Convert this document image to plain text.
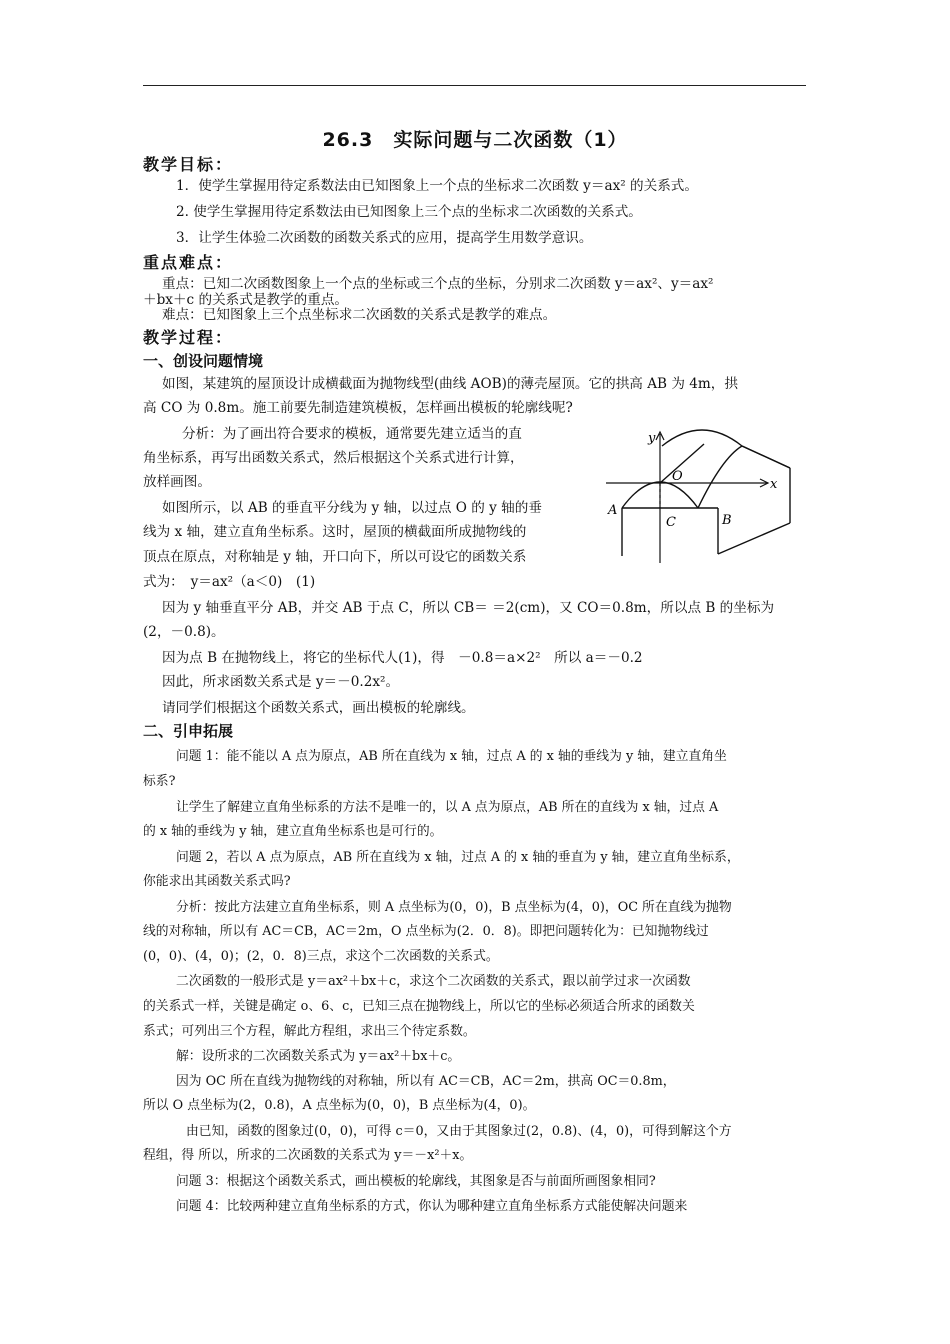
26.3　实际问题与二次函数（1）
教学目标：
1．使学生掌握用待定系数法由已知图象上一个点的坐标求二次函数 y＝ax² 的关系式。
2. 使学生掌握用待定系数法由已知图象上三个点的坐标求二次函数的关系式。
3．让学生体验二次函数的函数关系式的应用，提高学生用数学意识。
重点难点：
重点：已知二次函数图象上一个点的坐标或三个点的坐标，分别求二次函数 y＝ax²、y＝ax²
＋bx＋c 的关系式是教学的重点。
难点：已知图象上三个点坐标求二次函数的关系式是教学的难点。
教学过程：
一、创设问题情境
如图，某建筑的屋顶设计成横截面为抛物线型(曲线 AOB)的薄壳屋顶。它的拱高 AB 为 4m，拱
高 CO 为 0.8m。施工前要先制造建筑模板，怎样画出模板的轮廓线呢?
分析：为了画出符合要求的模板，通常要先建立适当的直
角坐标系，再写出函数关系式，然后根据这个关系式进行计算，
放样画图。
如图所示，以 AB 的垂直平分线为 y 轴，以过点 O 的 y 轴的垂
线为 x 轴，建立直角坐标系。这时，屋顶的横截面所成抛物线的
顶点在原点，对称轴是 y 轴，开口向下，所以可设它的函数关系
式为：　y＝ax²（a＜0)　(1)
因为 y 轴垂直平分 AB，并交 AB 于点 C，所以 CB＝ ＝2(cm)，又 CO＝0.8m，所以点 B 的坐标为
(2，－0.8)。
因为点 B 在抛物线上，将它的坐标代人(1)，得　－0.8＝a×2²　所以 a＝－0.2
因此，所求函数关系式是 y＝－0.2x²。
请同学们根据这个函数关系式，画出模板的轮廓线。
二、引申拓展
问题 1：能不能以 A 点为原点，AB 所在直线为 x 轴，过点 A 的 x 轴的垂线为 y 轴，建立直角坐
标系?
让学生了解建立直角坐标系的方法不是唯一的，以 A 点为原点，AB 所在的直线为 x 轴，过点 A
的 x 轴的垂线为 y 轴，建立直角坐标系也是可行的。
问题 2，若以 A 点为原点，AB 所在直线为 x 轴，过点 A 的 x 轴的垂直为 y 轴，建立直角坐标系，
你能求出其函数关系式吗?
分析：按此方法建立直角坐标系，则 A 点坐标为(0，0)，B 点坐标为(4，0)，OC 所在直线为抛物
线的对称轴，所以有 AC＝CB，AC＝2m，O 点坐标为(2．0．8)。即把问题转化为：已知抛物线过
(0，0)、(4，0)；(2，0．8)三点，求这个二次函数的关系式。
二次函数的一般形式是 y＝ax²＋bx＋c，求这个二次函数的关系式，跟以前学过求一次函数
的关系式一样，关键是确定 o、6、c，已知三点在抛物线上，所以它的坐标必须适合所求的函数关
系式；可列出三个方程，解此方程组，求出三个待定系数。
解：设所求的二次函数关系式为 y＝ax²＋bx＋c。
因为 OC 所在直线为抛物线的对称轴，所以有 AC＝CB，AC＝2m，拱高 OC＝0.8m，
所以 O 点坐标为(2，0.8)，A 点坐标为(0，0)，B 点坐标为(4，0)。
由已知，函数的图象过(0，0)，可得 c＝0，又由于其图象过(2，0.8)、(4，0)，可得到解这个方
程组，得 所以，所求的二次函数的关系式为 y＝－x²＋x。
问题 3：根据这个函数关系式，画出模板的轮廓线，其图象是否与前面所画图象相同?
问题 4：比较两种建立直角坐标系的方式，你认为哪种建立直角坐标系方式能使解决问题来
y
x
O
A
B
C
